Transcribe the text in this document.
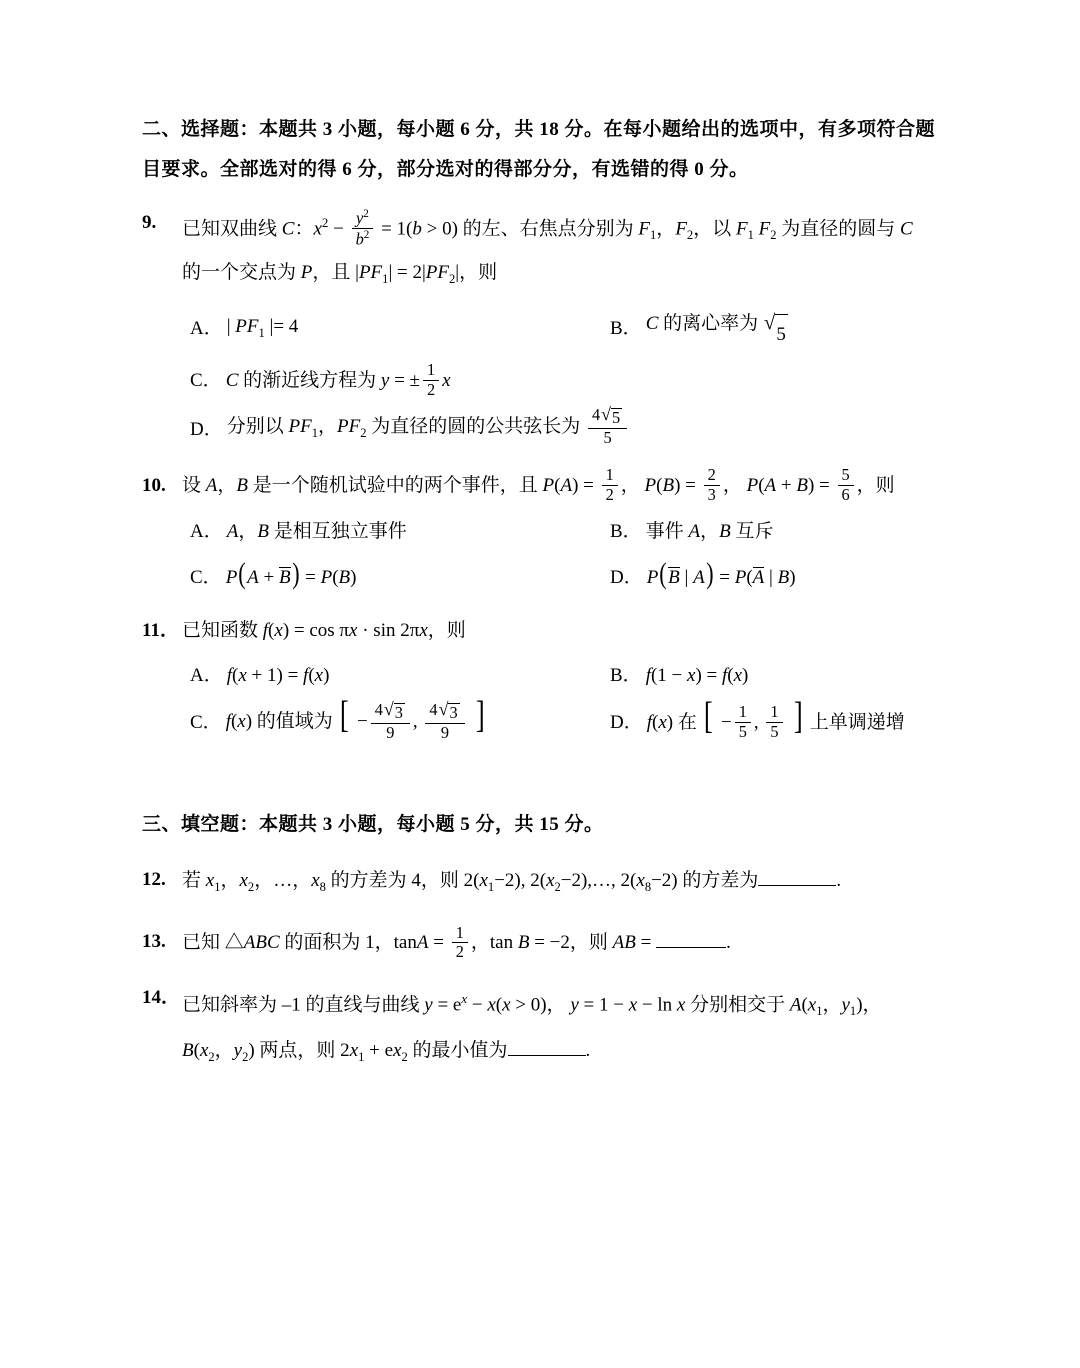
二、选择题：本题共 3 小题，每小题 6 分，共 18 分。在每小题给出的选项中，有多项符合题
目要求。全部选对的得 6 分，部分选对的得部分分，有选错的得 0 分。
9.	已知双曲线 C：$x^2 - \frac{y^2}{b^2} = 1(b > 0)$ 的左、右焦点分别为 $F_1$，$F_2$，以 $F_1$ $F_2$ 为直径的圆与 C
的一个交点为 P，且 $|PF_1| = 2|PF_2|$，则
A． | $PF_1$ |= 4	B． C 的离心率为 √
5
C． C 的渐近线方程为 y = ± $\frac{1}{2}$ x
D． 分别以 $PF_1$，$PF_2$ 为直径的圆的公共弦长为 $\frac{4 √ 5}{5}$
10. 设 A，B 是一个随机试验中的两个事件，且 $P(A) = \frac{1}{2}$ ， $P(B) = \frac{2}{3}$ ， $P(A + B) = \frac{5}{6}$ ，则
A． A，B 是相互独立事件	B． 事件 A，B 互斥
C． P ( A + B ) = P(B)	D． P ( B | A ) = P(A | B)
11． 已知函数 f(x) = cos πx · sin 2πx，则
A． f(x + 1) = f(x)	B． f(1 − x) = f(x)
C． f(x) 的值域为 [ − $\frac{4 √ 3}{9}$ , $\frac{4 √ 3}{9}$ ]	D． f(x) 在 [ − $\frac{1}{5}$ , $\frac{1}{5}$ ] 上单调递增
三、填空题：本题共 3 小题，每小题 5 分，共 15 分。
12. 若 $x_1$，$x_2$，…，$x_8$ 的方差为 4，则 $2(x_1-2)$, $2(x_2-2),\dots$, $2(x_8-2)$ 的方差为	.
13. 已知 △ABC 的面积为 1，$\tan A = \frac{1}{2}$ ，tan B = −2，则 AB =	.
14． 已知斜率为 –1 的直线与曲线 $y = e^x - x(x > 0)$， y = 1 − x − ln x 分别相交于 $A(x_1$，$y_1$)，
$B(x_2$，$y_2$) 两点，则 $2x_1 + ex_2$ 的最小值为	.
